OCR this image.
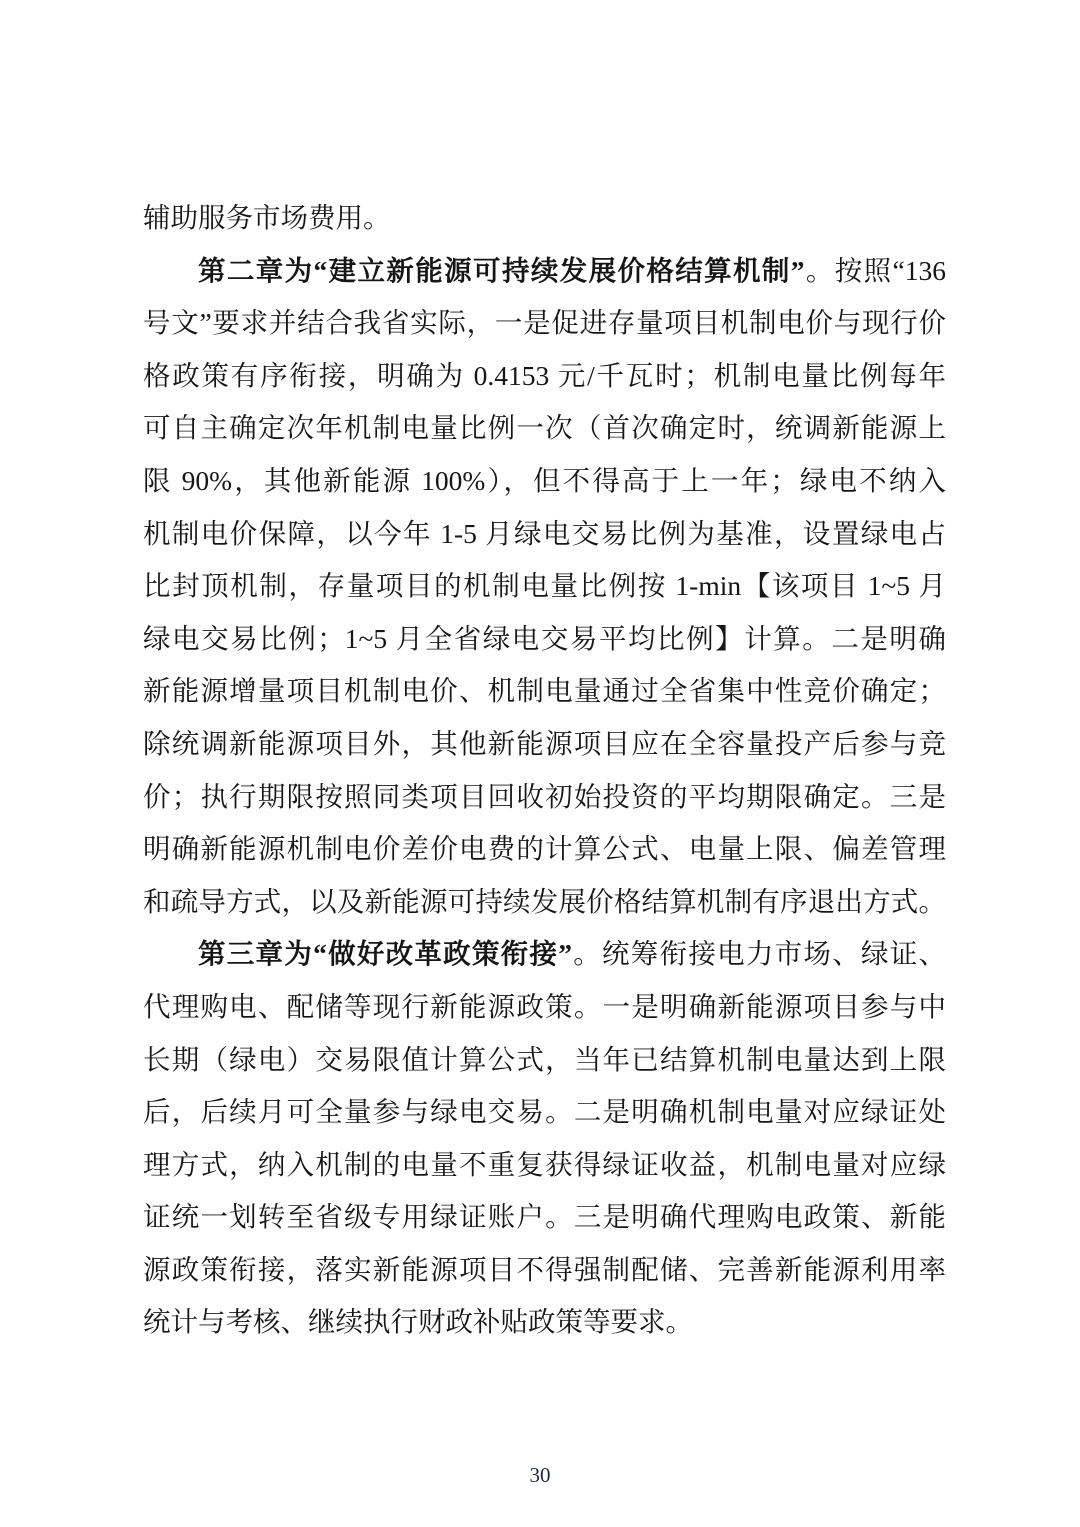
辅助服务市场费用。
第二章为“建立新能源可持续发展价格结算机制”。按照“136
号文”要求并结合我省实际，一是促进存量项目机制电价与现行价
格政策有序衔接，明确为 0.4153 元/千瓦时；机制电量比例每年
可自主确定次年机制电量比例一次（首次确定时，统调新能源上
限 90%，其他新能源 100%），但不得高于上一年；绿电不纳入
机制电价保障，以今年 1-5 月绿电交易比例为基准，设置绿电占
比封顶机制，存量项目的机制电量比例按 1-min【该项目 1~5 月
绿电交易比例；1~5 月全省绿电交易平均比例】计算。二是明确
新能源增量项目机制电价、机制电量通过全省集中性竞价确定；
除统调新能源项目外，其他新能源项目应在全容量投产后参与竞
价；执行期限按照同类项目回收初始投资的平均期限确定。三是
明确新能源机制电价差价电费的计算公式、电量上限、偏差管理
和疏导方式，以及新能源可持续发展价格结算机制有序退出方式。
第三章为“做好改革政策衔接”。统筹衔接电力市场、绿证、
代理购电、配储等现行新能源政策。一是明确新能源项目参与中
长期（绿电）交易限值计算公式，当年已结算机制电量达到上限
后，后续月可全量参与绿电交易。二是明确机制电量对应绿证处
理方式，纳入机制的电量不重复获得绿证收益，机制电量对应绿
证统一划转至省级专用绿证账户。三是明确代理购电政策、新能
源政策衔接，落实新能源项目不得强制配储、完善新能源利用率
统计与考核、继续执行财政补贴政策等要求。
30
